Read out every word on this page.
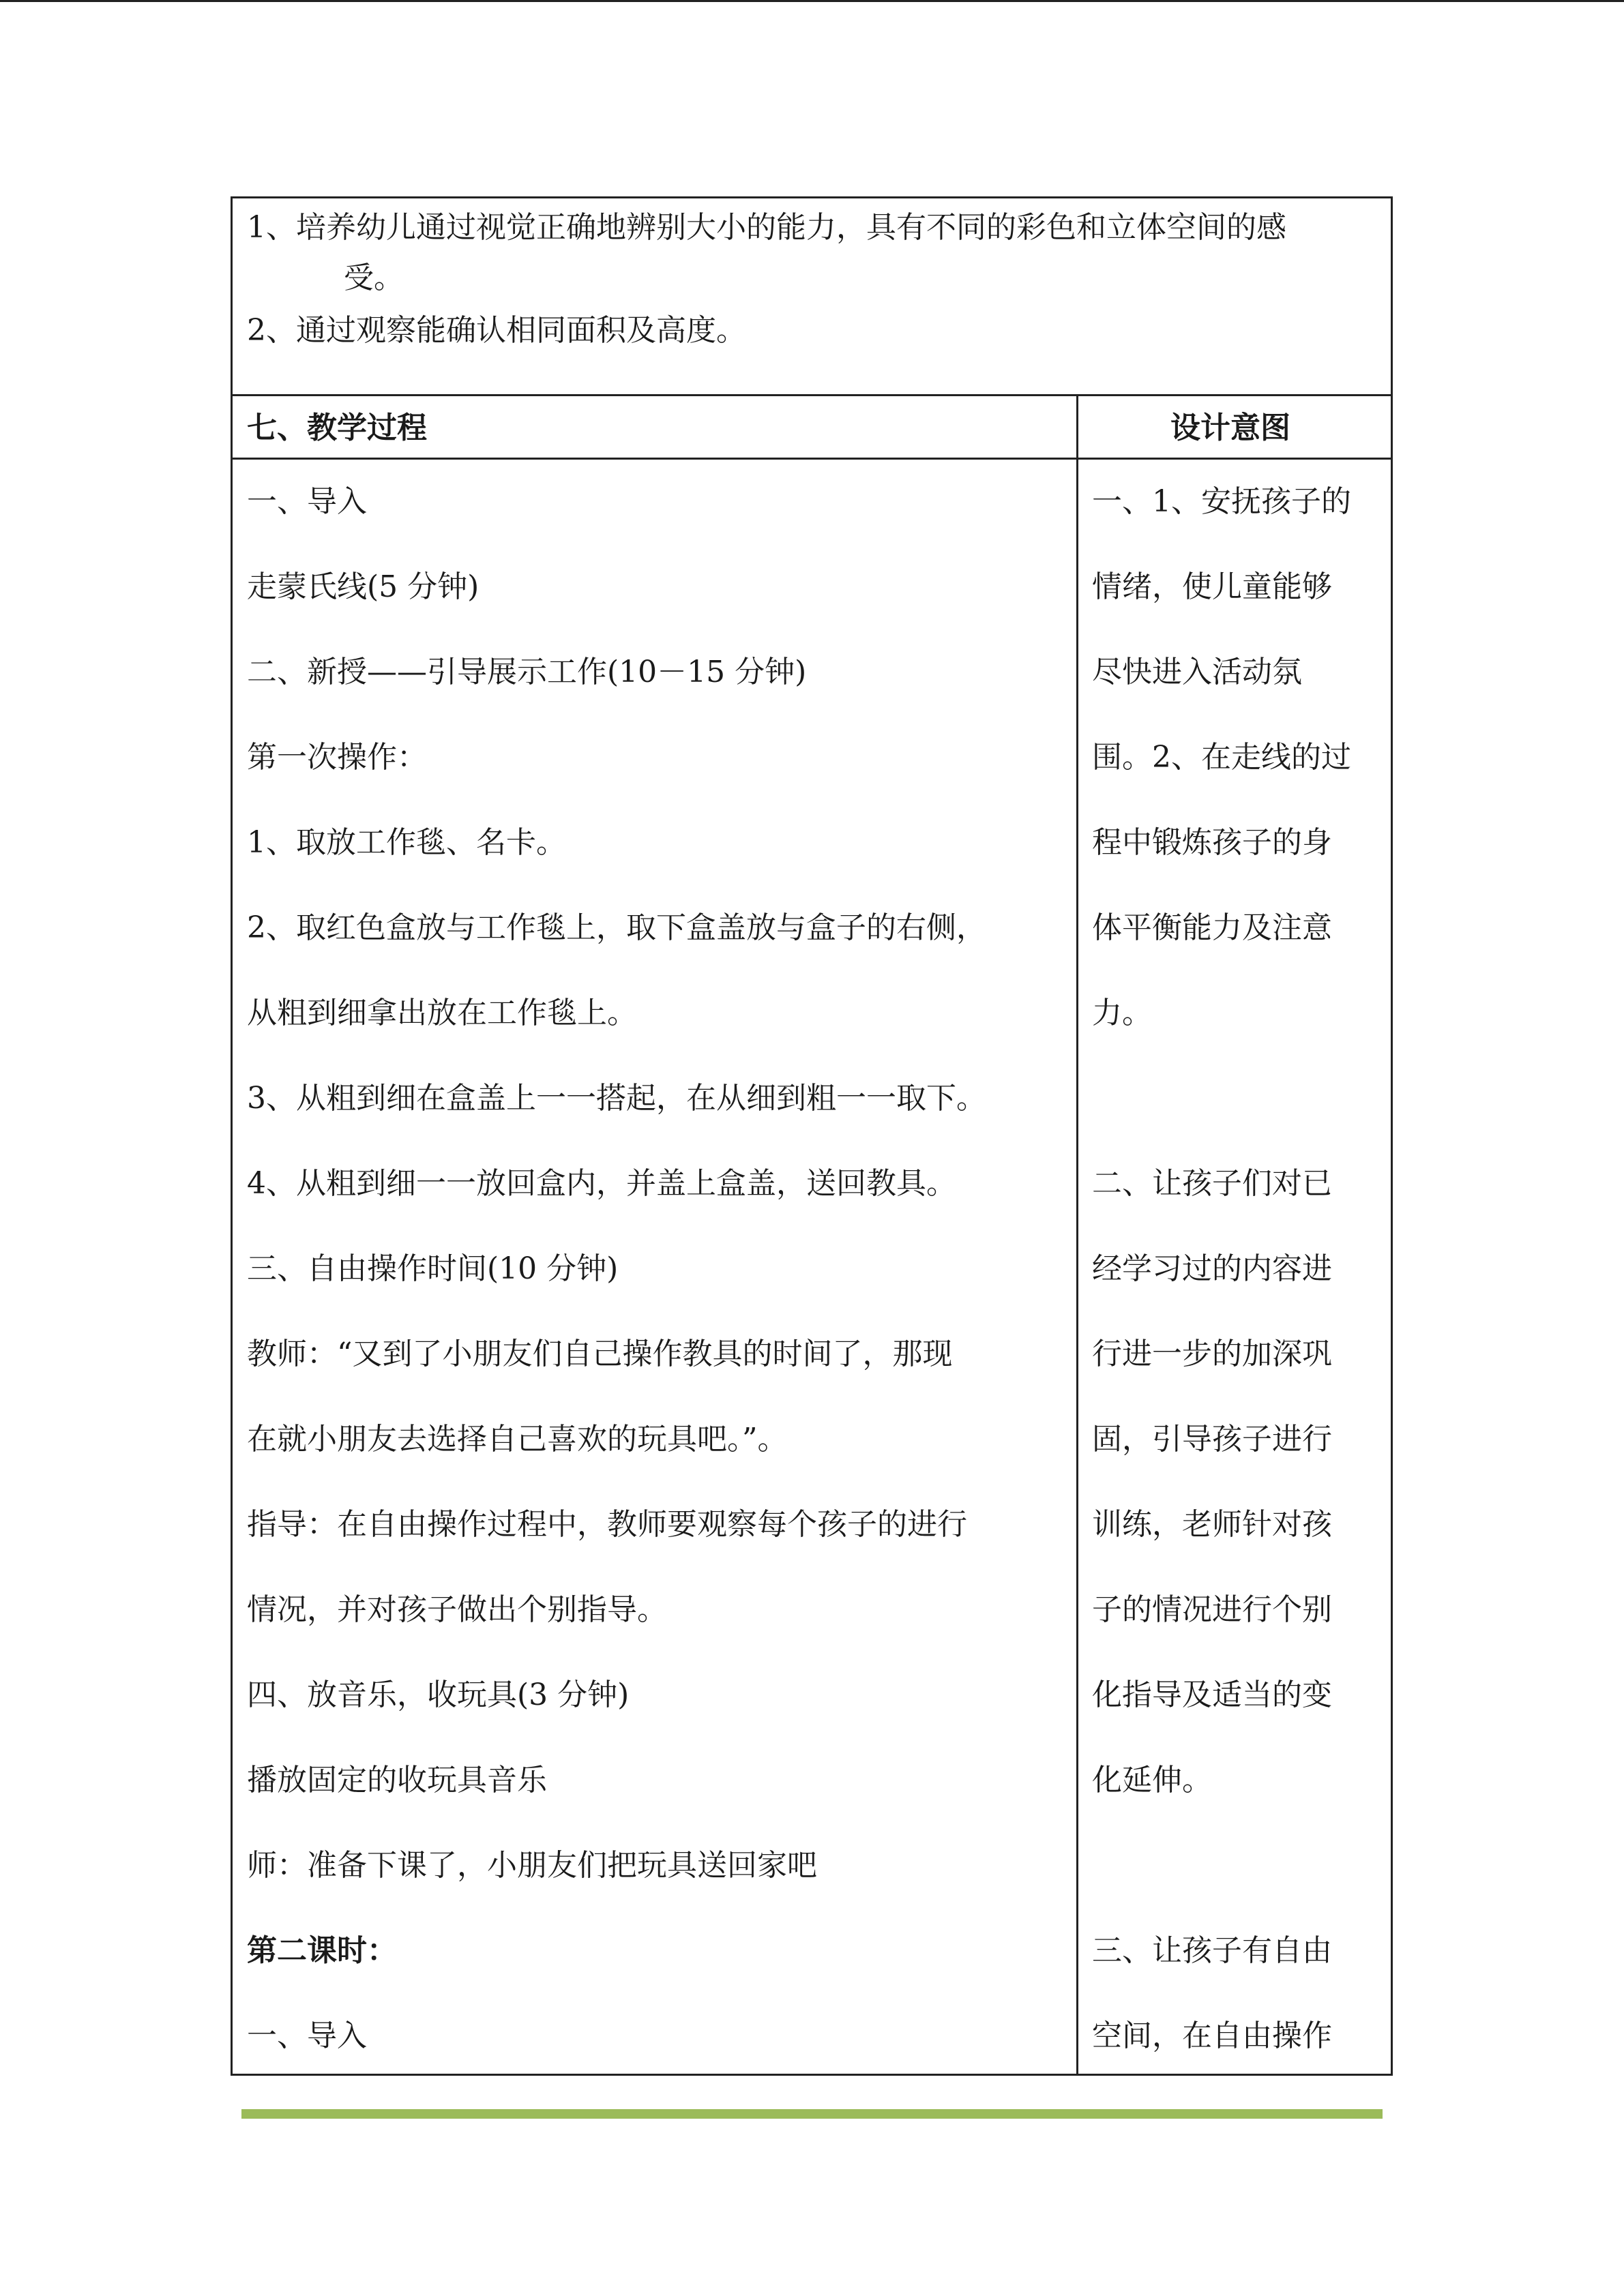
1、培养幼儿通过视觉正确地辨别大小的能力，具有不同的彩色和立体空间的感
受。
2、通过观察能确认相同面积及高度。
七、教学过程	设计意图
一、导入
走蒙氏线(5 分钟)
二、新授——引导展示工作(10－15 分钟)
第一次操作：
1、取放工作毯、名卡。
2、取红色盒放与工作毯上，取下盒盖放与盒子的右侧，
从粗到细拿出放在工作毯上。
3、从粗到细在盒盖上一一搭起，在从细到粗一一取下。
4、从粗到细一一放回盒内，并盖上盒盖，送回教具。
三、自由操作时间(10 分钟)
教师：“又到了小朋友们自己操作教具的时间了，那现
在就小朋友去选择自己喜欢的玩具吧。”。
指导：在自由操作过程中，教师要观察每个孩子的进行
情况，并对孩子做出个别指导。
四、放音乐，收玩具(3 分钟)
播放固定的收玩具音乐
师：准备下课了，小朋友们把玩具送回家吧
第二课时：
一、导入
一、1、安抚孩子的
情绪，使儿童能够
尽快进入活动氛
围。2、在走线的过
程中锻炼孩子的身
体平衡能力及注意
力。
二、让孩子们对已
经学习过的内容进
行进一步的加深巩
固，引导孩子进行
训练，老师针对孩
子的情况进行个别
化指导及适当的变
化延伸。
三、让孩子有自由
空间，在自由操作
